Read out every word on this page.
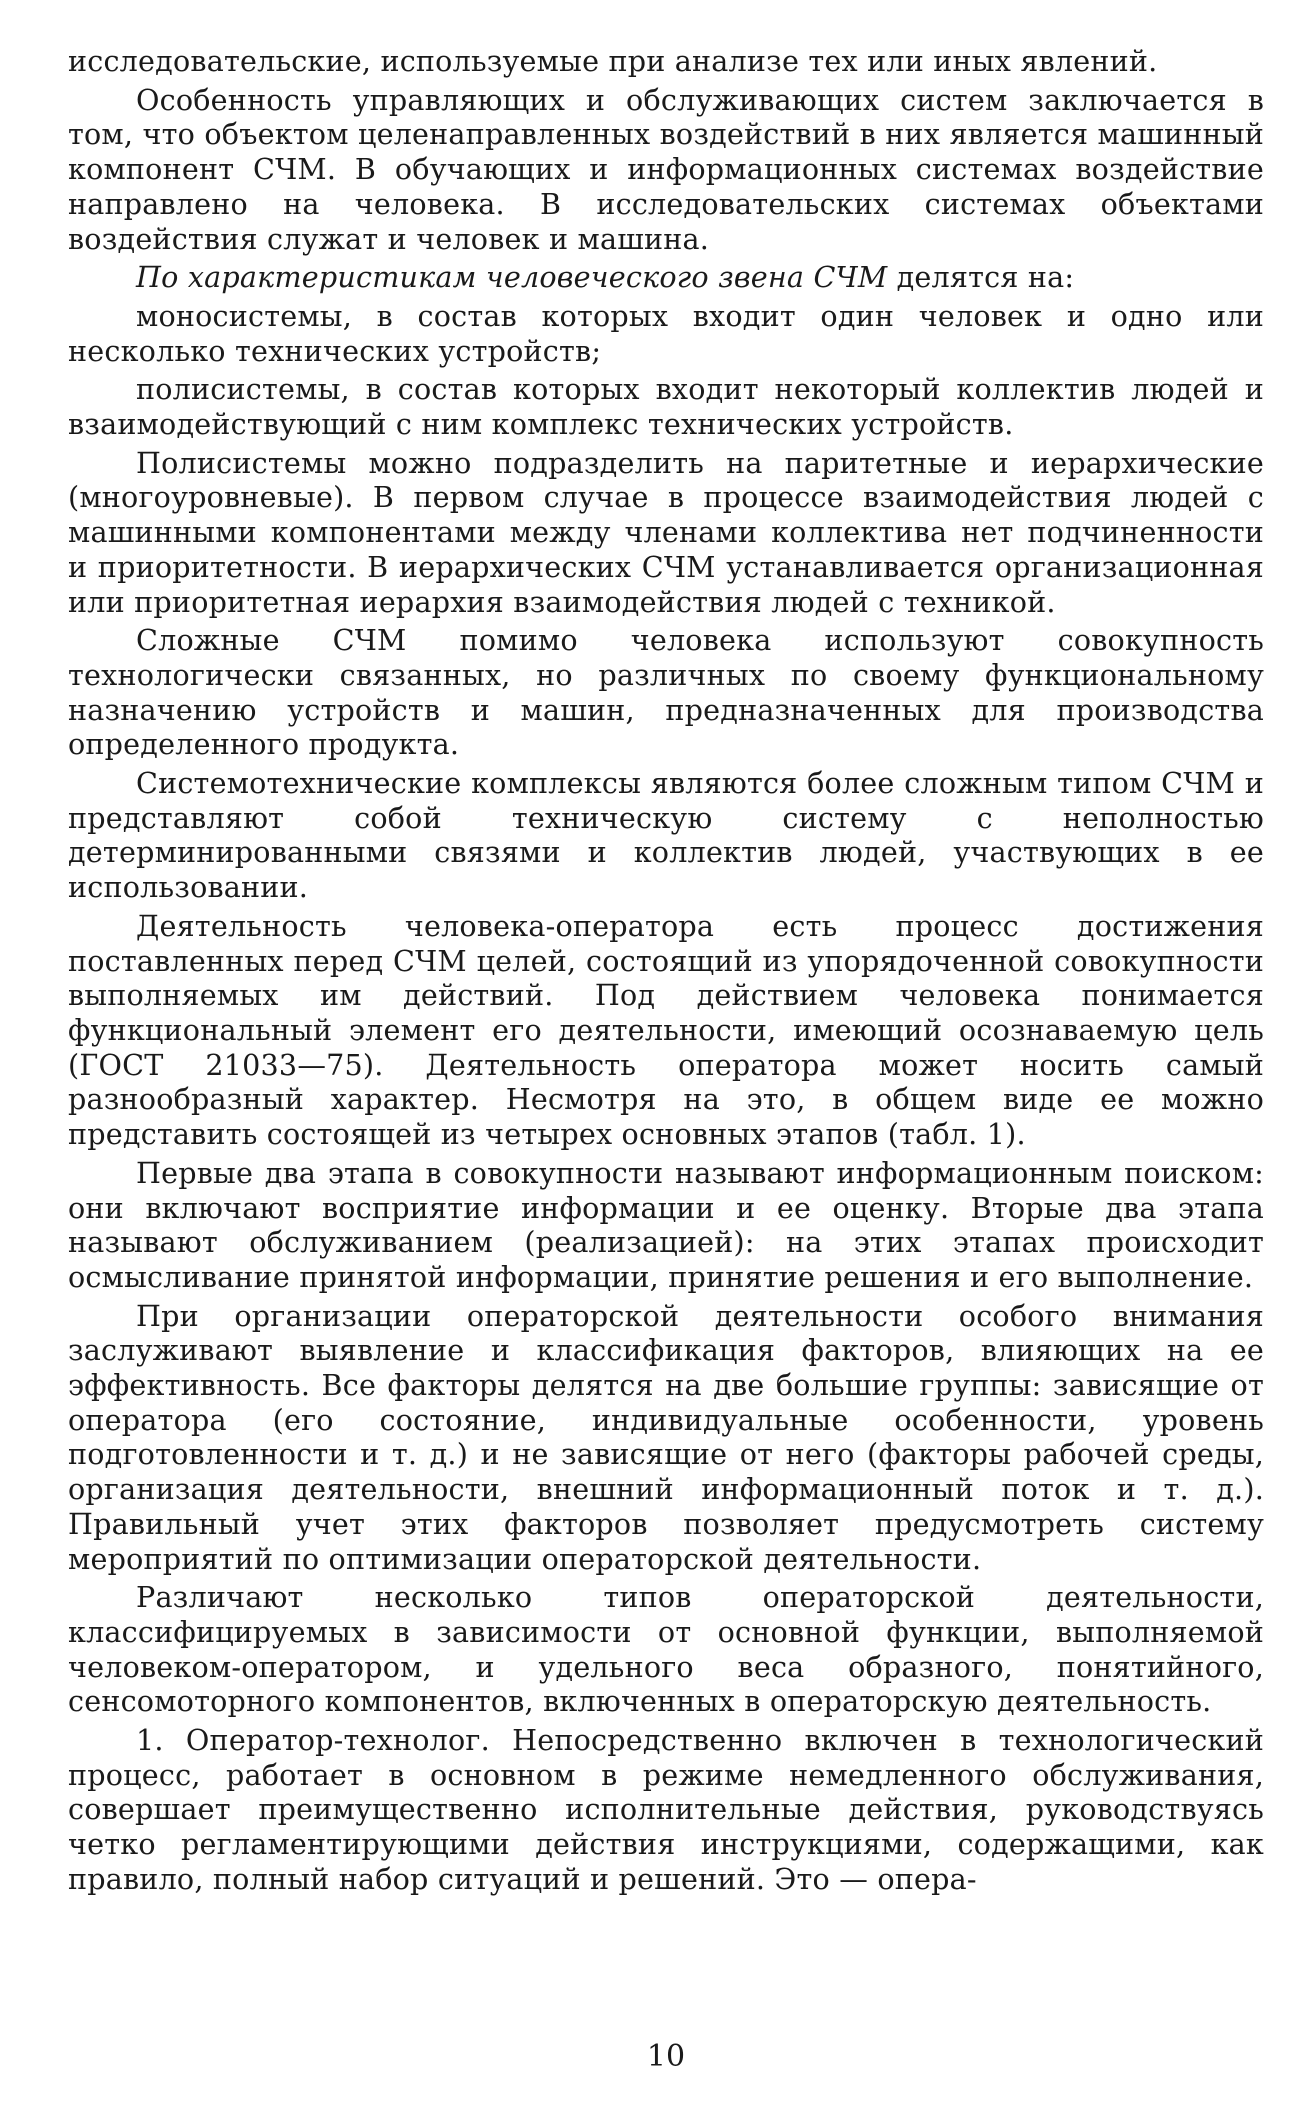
исследовательские, используемые при анализе тех или иных явлений.

Особенность управляющих и обслуживающих систем заключается в том, что объектом целенаправленных воздействий в них является машинный компонент СЧМ. В обучающих и информационных системах воздействие направлено на человека. В исследовательских системах объектами воздействия служат и человек и машина.

По характеристикам человеческого звена СЧМ делятся на:

моносистемы, в состав которых входит один человек и одно или несколько технических устройств;

полисистемы, в состав которых входит некоторый коллектив людей и взаимодействующий с ним комплекс технических устройств.

Полисистемы можно подразделить на паритетные и иерархические (многоуровневые). В первом случае в процессе взаимодействия людей с машинными компонентами между членами коллектива нет подчиненности и приоритетности. В иерархических СЧМ устанавливается организационная или приоритетная иерархия взаимодействия людей с техникой.

Сложные СЧМ помимо человека используют совокупность технологически связанных, но различных по своему функциональному назначению устройств и машин, предназначенных для производства определенного продукта.

Системотехнические комплексы являются более сложным типом СЧМ и представляют собой техническую систему с неполностью детерминированными связями и коллектив людей, участвующих в ее использовании.

Деятельность человека-оператора есть процесс достижения поставленных перед СЧМ целей, состоящий из упорядоченной совокупности выполняемых им действий. Под действием человека понимается функциональный элемент его деятельности, имеющий осознаваемую цель (ГОСТ 21033—75). Деятельность оператора может носить самый разнообразный характер. Несмотря на это, в общем виде ее можно представить состоящей из четырех основных этапов (табл. 1).

Первые два этапа в совокупности называют информационным поиском: они включают восприятие информации и ее оценку. Вторые два этапа называют обслуживанием (реализацией): на этих этапах происходит осмысливание принятой информации, принятие решения и его выполнение.

При организации операторской деятельности особого внимания заслуживают выявление и классификация факторов, влияющих на ее эффективность. Все факторы делятся на две большие группы: зависящие от оператора (его состояние, индивидуальные особенности, уровень подготовленности и т. д.) и не зависящие от него (факторы рабочей среды, организация деятельности, внешний информационный поток и т. д.). Правильный учет этих факторов позволяет предусмотреть систему мероприятий по оптимизации операторской деятельности.

Различают несколько типов операторской деятельности, классифицируемых в зависимости от основной функции, выполняемой человеком-оператором, и удельного веса образного, понятийного, сенсомоторного компонентов, включенных в операторскую деятельность.

1. Оператор-технолог. Непосредственно включен в технологический процесс, работает в основном в режиме немедленного обслуживания, совершает преимущественно исполнительные действия, руководствуясь четко регламентирующими действия инструкциями, содержащими, как правило, полный набор ситуаций и решений. Это — опера-

10
